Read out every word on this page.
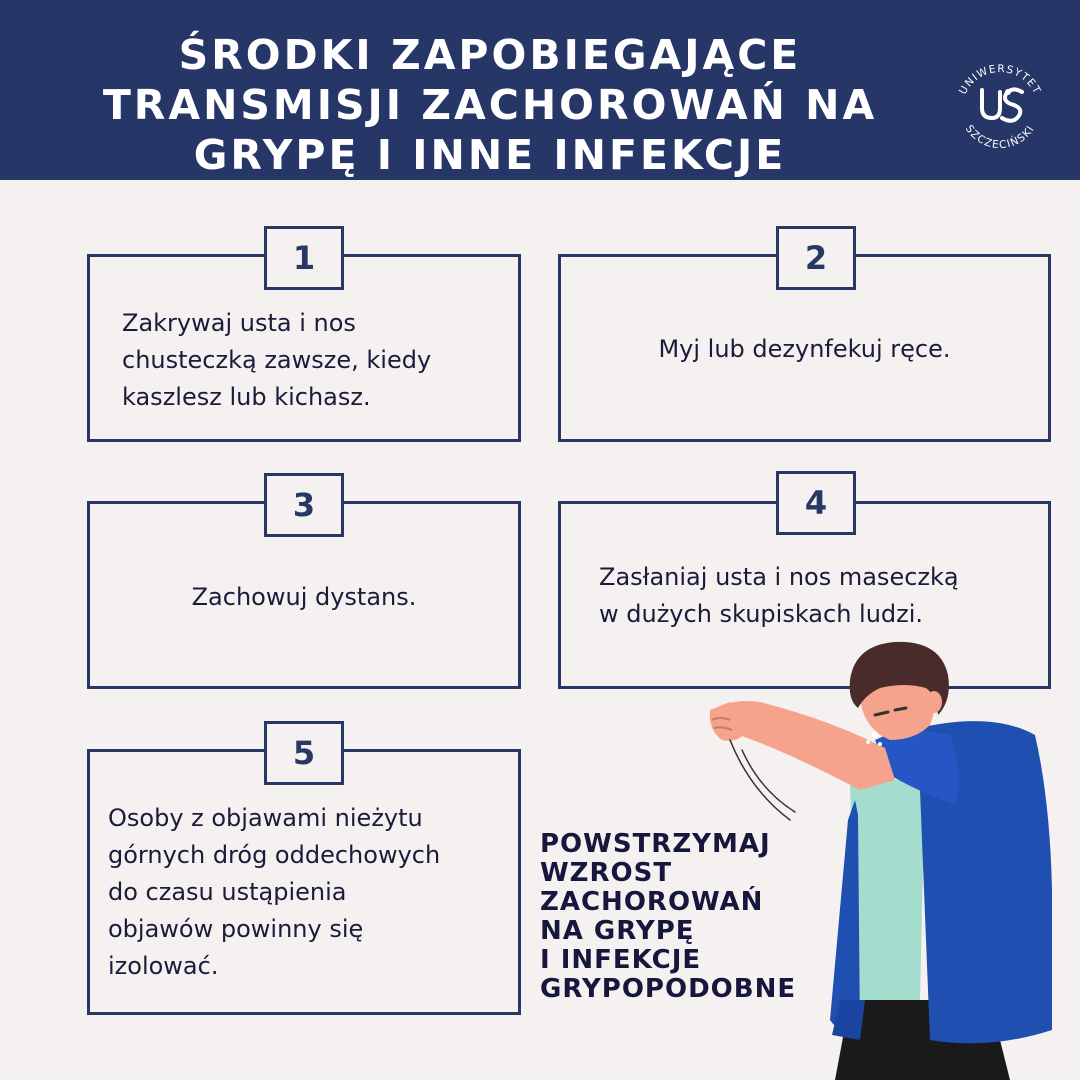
ŚRODKI ZAPOBIEGAJĄCE
TRANSMISJI ZACHOROWAŃ NA
GRYPĘ I INNE INFEKCJE
UNIWERSYTET
SZCZECIŃSKI
1
Zakrywaj usta i nos
chusteczką zawsze, kiedy
kaszlesz lub kichasz.
2
Myj lub dezynfekuj ręce.
3
Zachowuj dystans.
4
Zasłaniaj usta i nos maseczką
w dużych skupiskach ludzi.
5
Osoby z objawami nieżytu
górnych dróg oddechowych
do czasu ustąpienia
objawów powinny się
izolować.
POWSTRZYMAJ
WZROST
ZACHOROWAŃ
NA GRYPĘ
I INFEKCJE
GRYPOPODOBNE
